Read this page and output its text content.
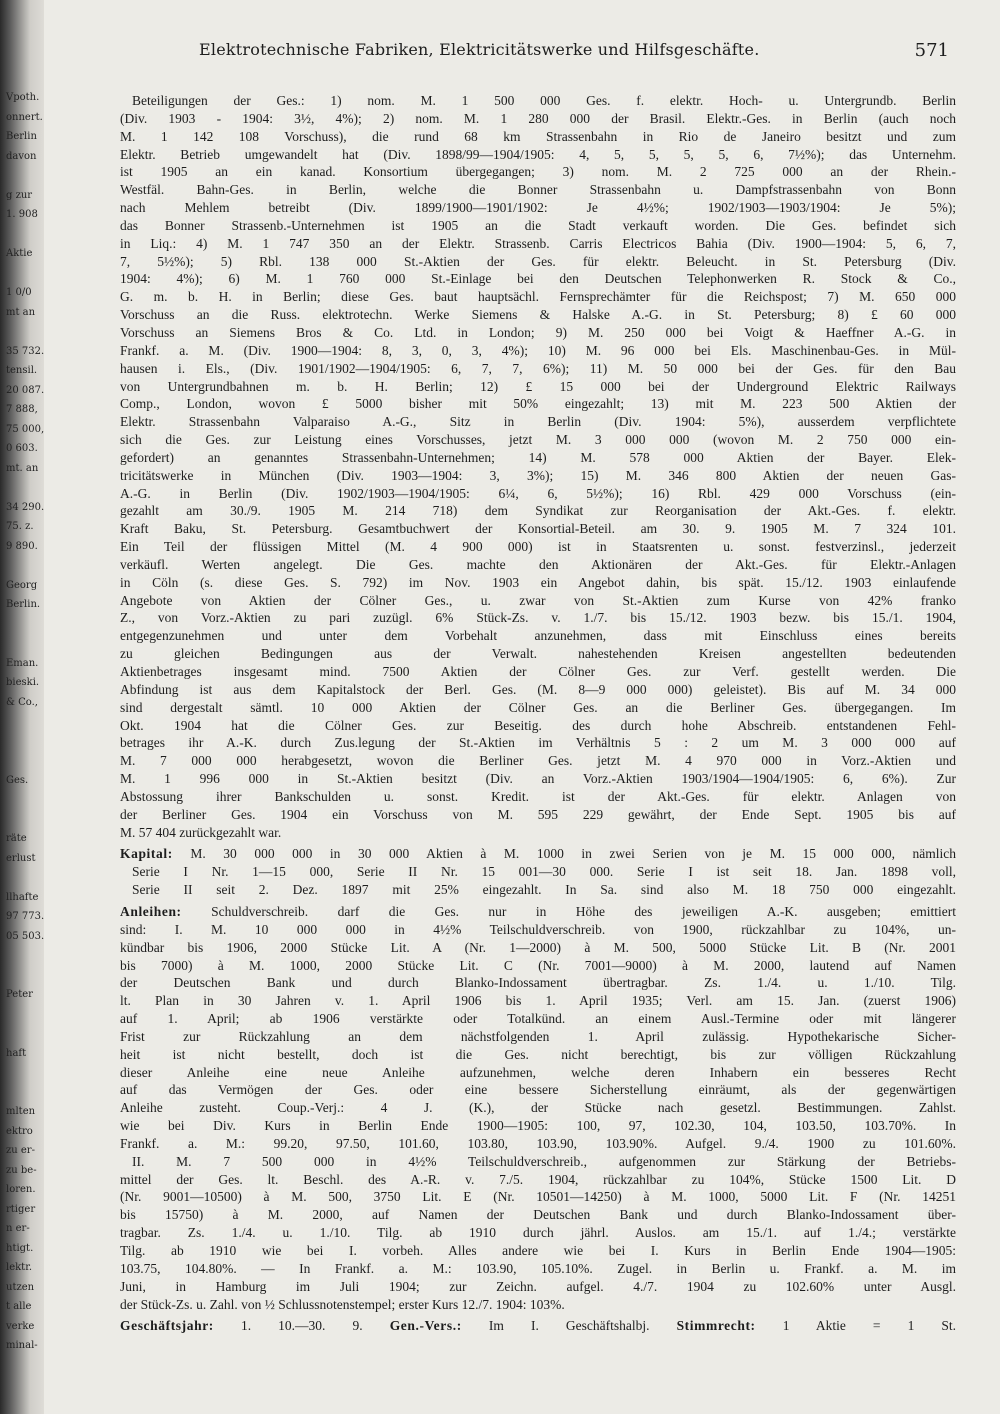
Vpoth.
onnert.
Berlin
davon
g zur
1. 908
Aktie
1 0/0
mt an
35 732.
tensil.
20 087.
7 888,
75 000,
0 603.
mt. an
34 290.
75. z.
9 890.
Georg
Berlin.
Eman.
bieski.
& Co.,
Ges.
räte
erlust
llhafte
97 773.
05 503.
Peter
haft
mlten
ektro
zu er-
zu be-
loren.
rtiger
n er-
htigt.
lektr.
utzen
t alle
verke
minal-
Elektrotechnische Fabriken, Elektricitätswerke und Hilfsgeschäfte.	571
Beteiligungen der Ges.: 1) nom. M. 1 500 000 Ges. f. elektr. Hoch- u. Untergrundb. Berlin
(Div. 1903 - 1904: 3½, 4%); 2) nom. M. 1 280 000 der Brasil. Elektr.-Ges. in Berlin (auch noch
M. 1 142 108 Vorschuss), die rund 68 km Strassenbahn in Rio de Janeiro besitzt und zum
Elektr. Betrieb umgewandelt hat (Div. 1898/99—1904/1905: 4, 5, 5, 5, 5, 6, 7½%); das Unternehm.
ist 1905 an ein kanad. Konsortium übergegangen; 3) nom. M. 2 725 000 an der Rhein.-
Westfäl. Bahn-Ges. in Berlin, welche die Bonner Strassenbahn u. Dampfstrassenbahn von Bonn
nach Mehlem betreibt (Div. 1899/1900—1901/1902: Je 4½%; 1902/1903—1903/1904: Je 5%);
das Bonner Strassenb.-Unternehmen ist 1905 an die Stadt verkauft worden. Die Ges. befindet sich
in Liq.: 4) M. 1 747 350 an der Elektr. Strassenb. Carris Electricos Bahia (Div. 1900—1904: 5, 6, 7,
7, 5½%); 5) Rbl. 138 000 St.-Aktien der Ges. für elektr. Beleucht. in St. Petersburg (Div.
1904: 4%); 6) M. 1 760 000 St.-Einlage bei den Deutschen Telephonwerken R. Stock & Co.,
G. m. b. H. in Berlin; diese Ges. baut hauptsächl. Fernsprechämter für die Reichspost; 7) M. 650 000
Vorschuss an die Russ. elektrotechn. Werke Siemens & Halske A.-G. in St. Petersburg; 8) £ 60 000
Vorschuss an Siemens Bros & Co. Ltd. in London; 9) M. 250 000 bei Voigt & Haeffner A.-G. in
Frankf. a. M. (Div. 1900—1904: 8, 3, 0, 3, 4%); 10) M. 96 000 bei Els. Maschinenbau-Ges. in Mül-
hausen i. Els., (Div. 1901/1902—1904/1905: 6, 7, 7, 6%); 11) M. 50 000 bei der Ges. für den Bau
von Untergrundbahnen m. b. H. Berlin; 12) £ 15 000 bei der Underground Elektric Railways
Comp., London, wovon £ 5000 bisher mit 50% eingezahlt; 13) mit M. 223 500 Aktien der
Elektr. Strassenbahn Valparaiso A.-G., Sitz in Berlin (Div. 1904: 5%), ausserdem verpflichtete
sich die Ges. zur Leistung eines Vorschusses, jetzt M. 3 000 000 (wovon M. 2 750 000 ein-
gefordert) an genanntes Strassenbahn-Unternehmen; 14) M. 578 000 Aktien der Bayer. Elek-
tricitätswerke in München (Div. 1903—1904: 3, 3%); 15) M. 346 800 Aktien der neuen Gas-
A.-G. in Berlin (Div. 1902/1903—1904/1905: 6¼, 6, 5½%); 16) Rbl. 429 000 Vorschuss (ein-
gezahlt am 30./9. 1905 M. 214 718) dem Syndikat zur Reorganisation der Akt.-Ges. f. elektr.
Kraft Baku, St. Petersburg. Gesamtbuchwert der Konsortial-Beteil. am 30. 9. 1905 M. 7 324 101.
Ein Teil der flüssigen Mittel (M. 4 900 000) ist in Staatsrenten u. sonst. festverzinsl., jederzeit
verkäufl. Werten angelegt. Die Ges. machte den Aktionären der Akt.-Ges. für Elektr.-Anlagen
in Cöln (s. diese Ges. S. 792) im Nov. 1903 ein Angebot dahin, bis spät. 15./12. 1903 einlaufende
Angebote von Aktien der Cölner Ges., u. zwar von St.-Aktien zum Kurse von 42% franko
Z., von Vorz.-Aktien zu pari zuzügl. 6% Stück-Zs. v. 1./7. bis 15./12. 1903 bezw. bis 15./1. 1904,
entgegenzunehmen und unter dem Vorbehalt anzunehmen, dass mit Einschluss eines bereits
zu gleichen Bedingungen aus der Verwalt. nahestehenden Kreisen angestellten bedeutenden
Aktienbetrages insgesamt mind. 7500 Aktien der Cölner Ges. zur Verf. gestellt werden. Die
Abfindung ist aus dem Kapitalstock der Berl. Ges. (M. 8—9 000 000) geleistet). Bis auf M. 34 000
sind dergestalt sämtl. 10 000 Aktien der Cölner Ges. an die Berliner Ges. übergegangen. Im
Okt. 1904 hat die Cölner Ges. zur Beseitig. des durch hohe Abschreib. entstandenen Fehl-
betrages ihr A.-K. durch Zus.legung der St.-Aktien im Verhältnis 5 : 2 um M. 3 000 000 auf
M. 7 000 000 herabgesetzt, wovon die Berliner Ges. jetzt M. 4 970 000 in Vorz.-Aktien und
M. 1 996 000 in St.-Aktien besitzt (Div. an Vorz.-Aktien 1903/1904—1904/1905: 6, 6%). Zur
Abstossung ihrer Bankschulden u. sonst. Kredit. ist der Akt.-Ges. für elektr. Anlagen von
der Berliner Ges. 1904 ein Vorschuss von M. 595 229 gewährt, der Ende Sept. 1905 bis auf
M. 57 404 zurückgezahlt war.
Kapital: M. 30 000 000 in 30 000 Aktien à M. 1000 in zwei Serien von je M. 15 000 000, nämlich
Serie I Nr. 1—15 000, Serie II Nr. 15 001—30 000. Serie I ist seit 18. Jan. 1898 voll,
Serie II seit 2. Dez. 1897 mit 25% eingezahlt. In Sa. sind also M. 18 750 000 eingezahlt.
Anleihen: Schuldverschreib. darf die Ges. nur in Höhe des jeweiligen A.-K. ausgeben; emittiert
sind: I. M. 10 000 000 in 4½% Teilschuldverschreib. von 1900, rückzahlbar zu 104%, un-
kündbar bis 1906, 2000 Stücke Lit. A (Nr. 1—2000) à M. 500, 5000 Stücke Lit. B (Nr. 2001
bis 7000) à M. 1000, 2000 Stücke Lit. C (Nr. 7001—9000) à M. 2000, lautend auf Namen
der Deutschen Bank und durch Blanko-Indossament übertragbar. Zs. 1./4. u. 1./10. Tilg.
lt. Plan in 30 Jahren v. 1. April 1906 bis 1. April 1935; Verl. am 15. Jan. (zuerst 1906)
auf 1. April; ab 1906 verstärkte oder Totalkünd. an einem Ausl.-Termine oder mit längerer
Frist zur Rückzahlung an dem nächstfolgenden 1. April zulässig. Hypothekarische Sicher-
heit ist nicht bestellt, doch ist die Ges. nicht berechtigt, bis zur völligen Rückzahlung
dieser Anleihe eine neue Anleihe aufzunehmen, welche deren Inhabern ein besseres Recht
auf das Vermögen der Ges. oder eine bessere Sicherstellung einräumt, als der gegenwärtigen
Anleihe zusteht. Coup.-Verj.: 4 J. (K.), der Stücke nach gesetzl. Bestimmungen. Zahlst.
wie bei Div. Kurs in Berlin Ende 1900—1905: 100, 97, 102.30, 104, 103.50, 103.70%. In
Frankf. a. M.: 99.20, 97.50, 101.60, 103.80, 103.90, 103.90%. Aufgel. 9./4. 1900 zu 101.60%.
II. M. 7 500 000 in 4½% Teilschuldverschreib., aufgenommen zur Stärkung der Betriebs-
mittel der Ges. lt. Beschl. des A.-R. v. 7./5. 1904, rückzahlbar zu 104%, Stücke 1500 Lit. D
(Nr. 9001—10500) à M. 500, 3750 Lit. E (Nr. 10501—14250) à M. 1000, 5000 Lit. F (Nr. 14251
bis 15750) à M. 2000, auf Namen der Deutschen Bank und durch Blanko-Indossament über-
tragbar. Zs. 1./4. u. 1./10. Tilg. ab 1910 durch jährl. Auslos. am 15./1. auf 1./4.; verstärkte
Tilg. ab 1910 wie bei I. vorbeh. Alles andere wie bei I. Kurs in Berlin Ende 1904—1905:
103.75, 104.80%. — In Frankf. a. M.: 103.90, 105.10%. Zugel. in Berlin u. Frankf. a. M. im
Juni, in Hamburg im Juli 1904; zur Zeichn. aufgel. 4./7. 1904 zu 102.60% unter Ausgl.
der Stück-Zs. u. Zahl. von ½ Schlussnotenstempel; erster Kurs 12./7. 1904: 103%.
Geschäftsjahr: 1. 10.—30. 9. Gen.-Vers.: Im I. Geschäftshalbj. Stimmrecht: 1 Aktie = 1 St.
